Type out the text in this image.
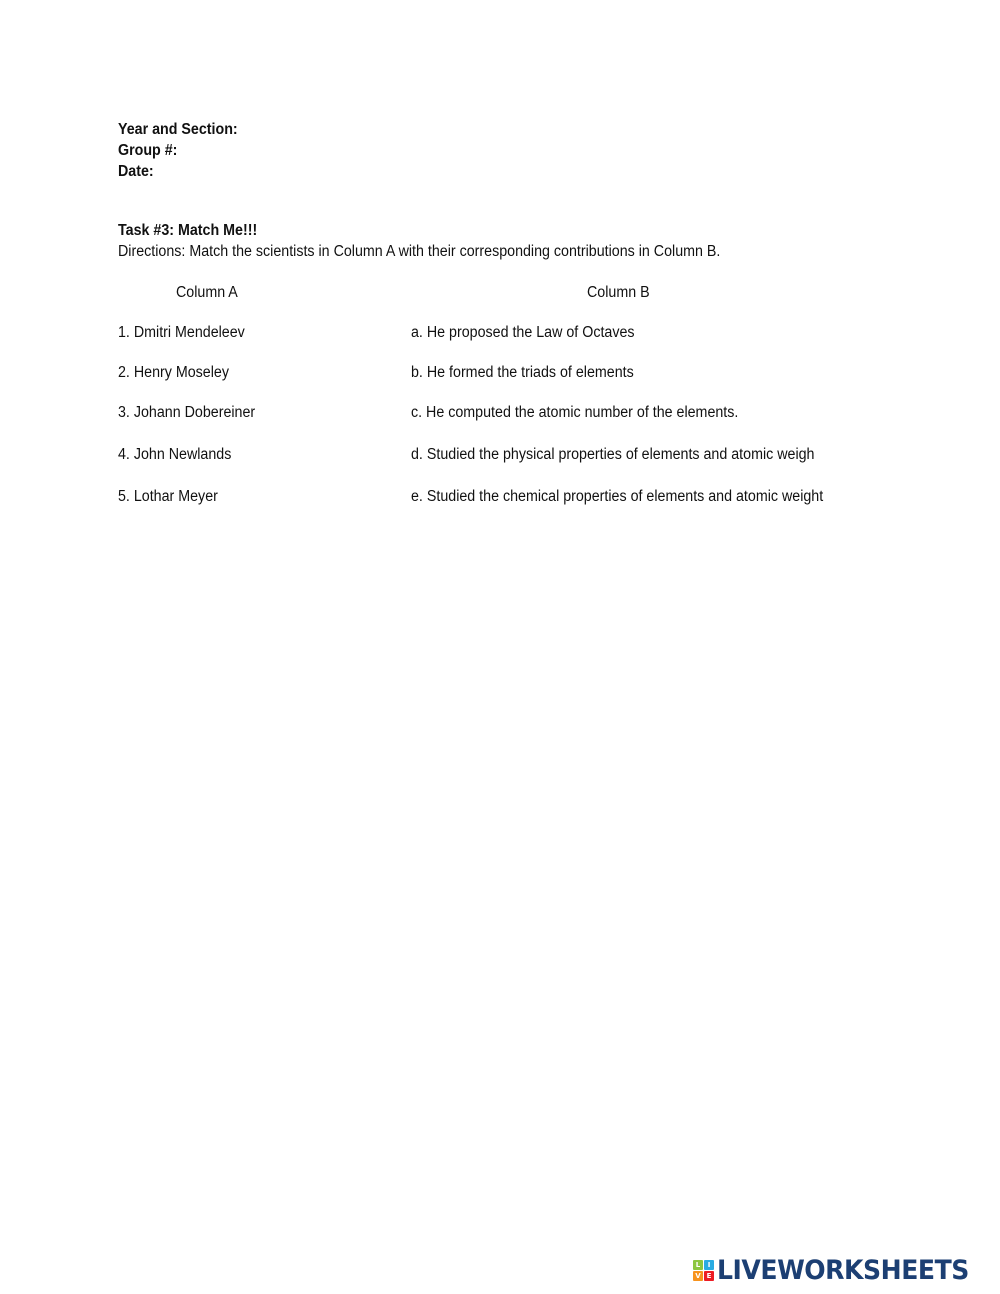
Year and Section:
Group #:
Date:
Task #3: Match Me!!!
Directions: Match the scientists in Column A with their corresponding contributions in Column B.
Column A	Column B
1. Dmitri Mendeleev
2. Henry Moseley
3. Johann Dobereiner
4. John Newlands
5. Lothar Meyer
a. He proposed the Law of Octaves
b. He formed the triads of elements
c. He computed the atomic number of the elements.
d. Studied the physical properties of elements and atomic weigh
e. Studied the chemical properties of elements and atomic weight
L	I
V E LIVEWORKSHEETS
